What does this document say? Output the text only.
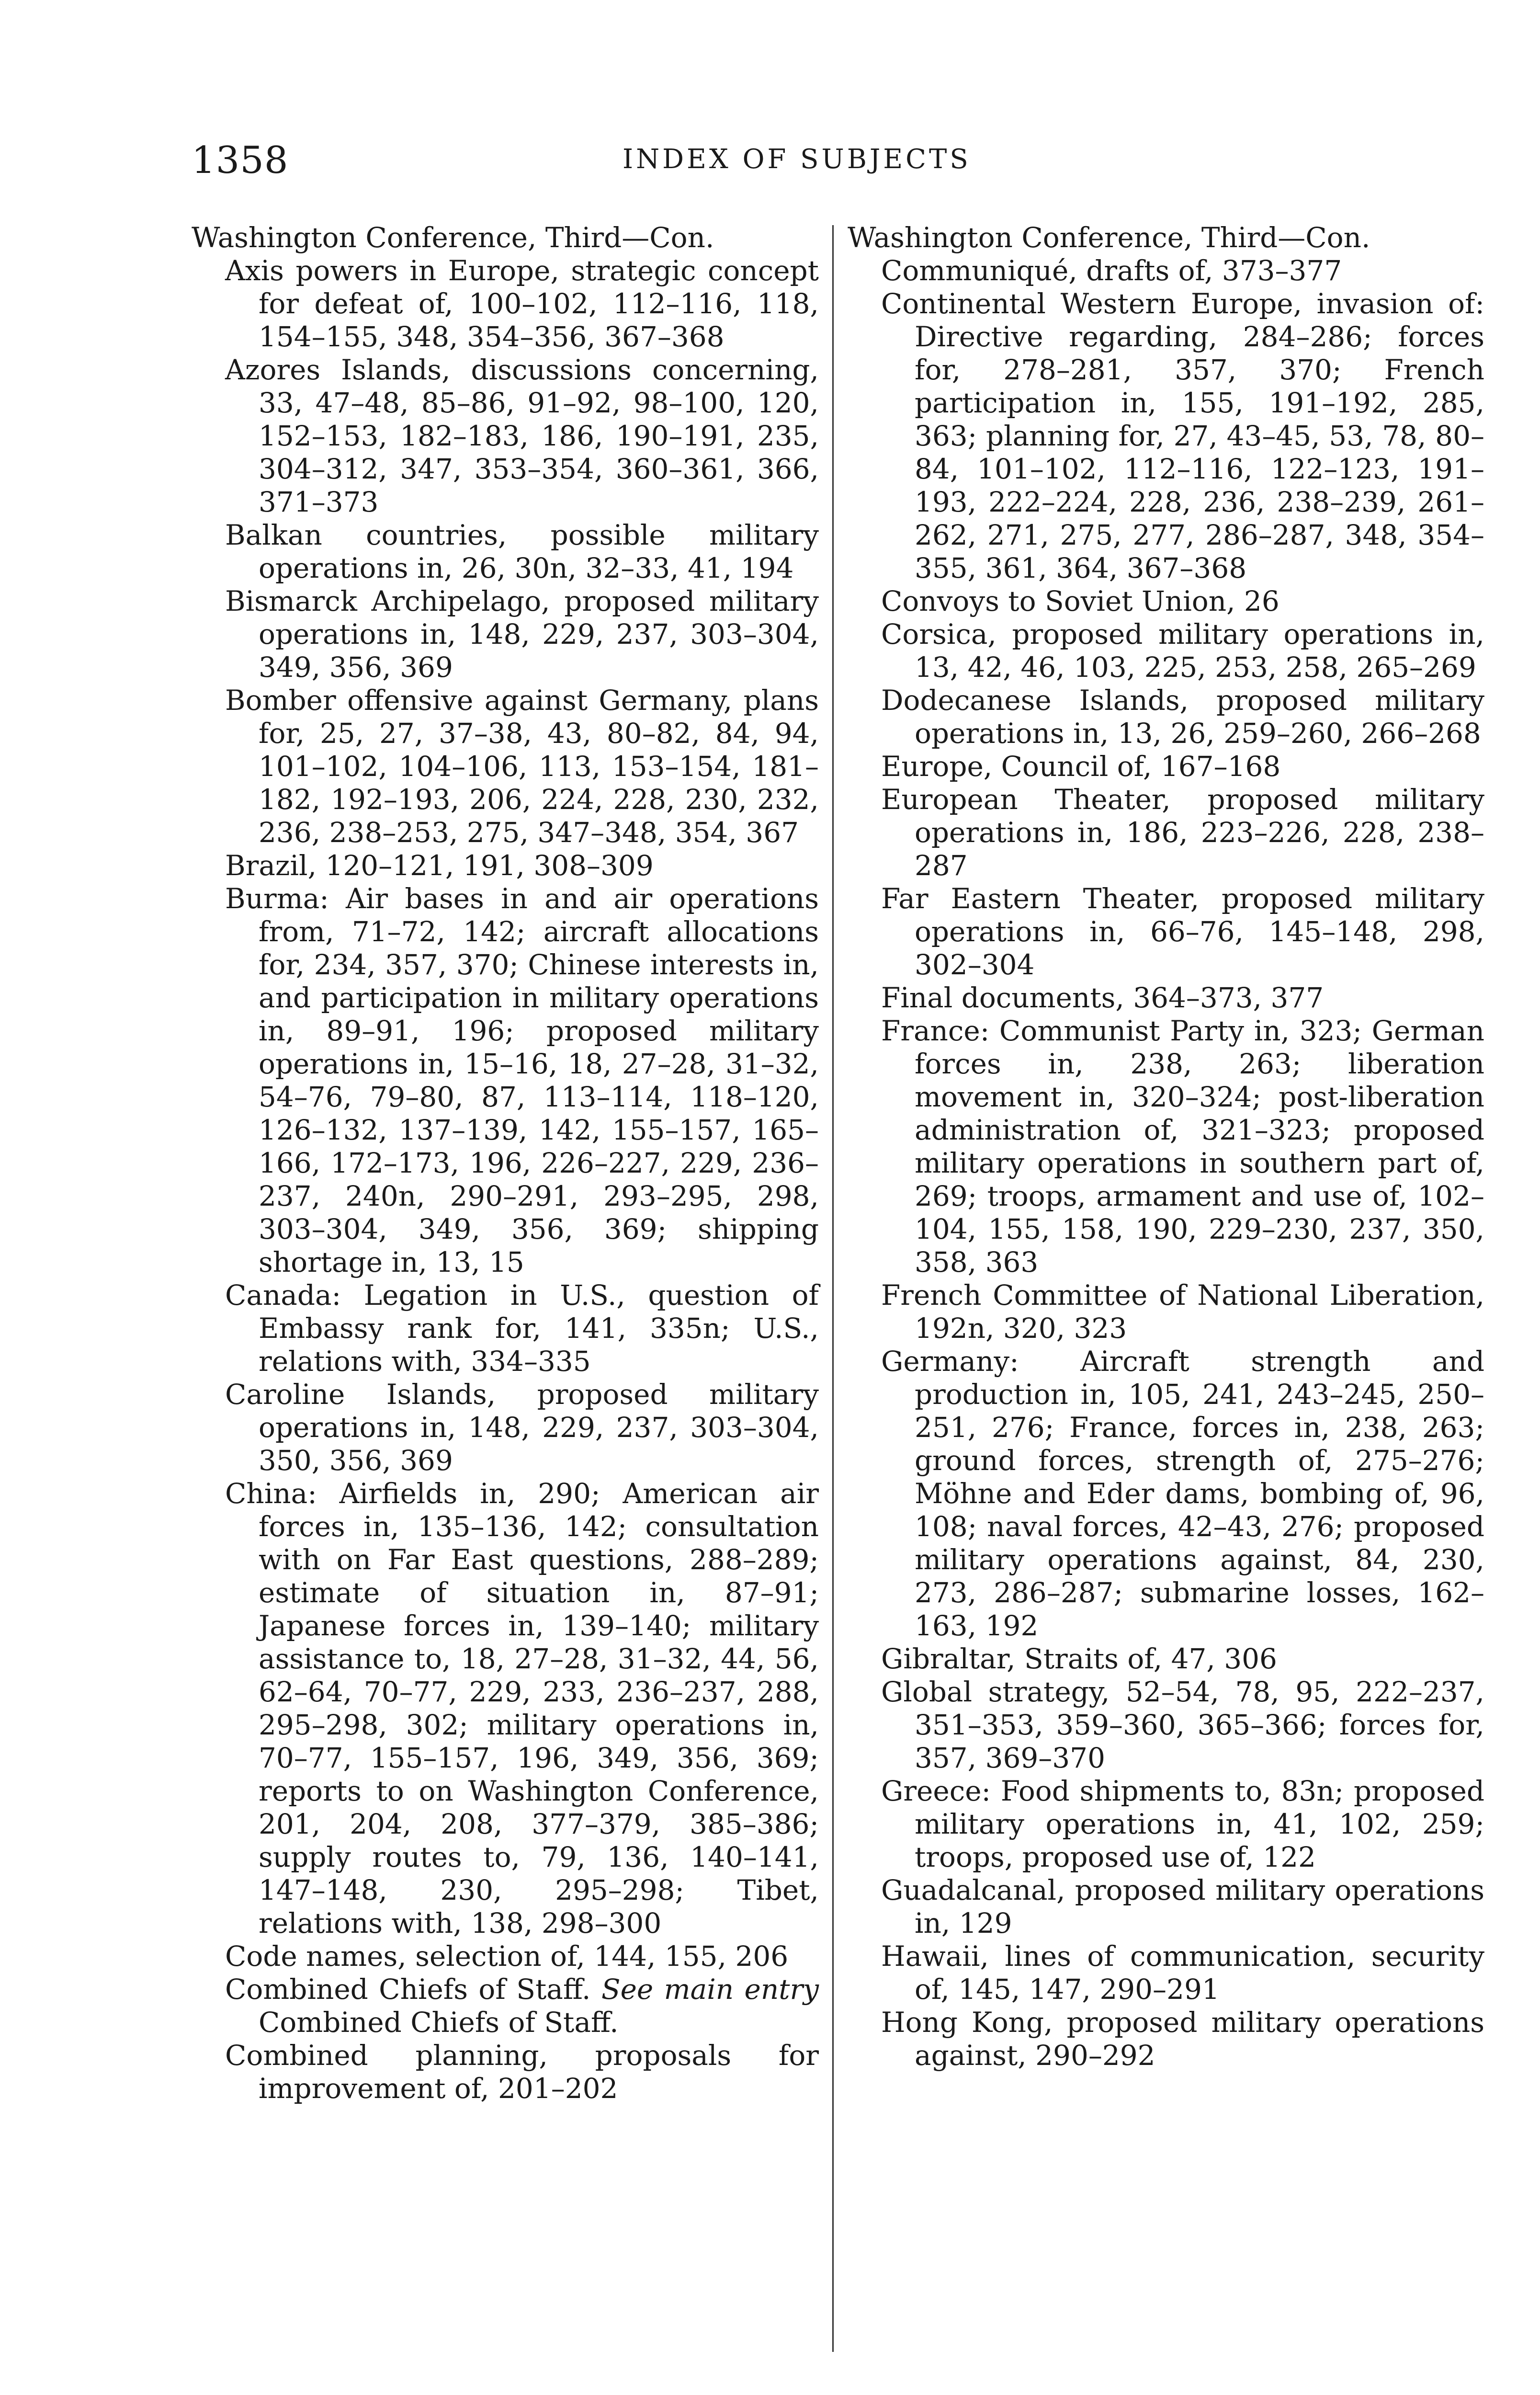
1358	INDEX OF SUBJECTS
Washington Conference, Third—Con.

Axis powers in Europe, strategic concept for defeat of, 100–102, 112–116, 118, 154–155, 348, 354–356, 367–368

Azores Islands, discussions concerning, 33, 47–48, 85–86, 91–92, 98–100, 120, 152–153, 182–183, 186, 190–191, 235, 304–312, 347, 353–354, 360–361, 366, 371–373

Balkan countries, possible military operations in, 26, 30n, 32–33, 41, 194

Bismarck Archipelago, proposed military operations in, 148, 229, 237, 303–304, 349, 356, 369

Bomber offensive against Germany, plans for, 25, 27, 37–38, 43, 80–82, 84, 94, 101–102, 104–106, 113, 153–154, 181–182, 192–193, 206, 224, 228, 230, 232, 236, 238–253, 275, 347–348, 354, 367

Brazil, 120–121, 191, 308–309

Burma: Air bases in and air operations from, 71–72, 142; aircraft allocations for, 234, 357, 370; Chinese interests in, and participation in military operations in, 89–91, 196; proposed military operations in, 15–16, 18, 27–28, 31–32, 54–76, 79–80, 87, 113–114, 118–120, 126–132, 137–139, 142, 155–157, 165–166, 172–173, 196, 226–227, 229, 236–237, 240n, 290–291, 293–295, 298, 303–304, 349, 356, 369; shipping shortage in, 13, 15

Canada: Legation in U.S., question of Embassy rank for, 141, 335n; U.S., relations with, 334–335

Caroline Islands, proposed military operations in, 148, 229, 237, 303–304, 350, 356, 369

China: Airfields in, 290; American air forces in, 135–136, 142; consultation with on Far East questions, 288–289; estimate of situation in, 87–91; Japanese forces in, 139–140; military assistance to, 18, 27–28, 31–32, 44, 56, 62–64, 70–77, 229, 233, 236–237, 288, 295–298, 302; military operations in, 70–77, 155–157, 196, 349, 356, 369; reports to on Washington Conference, 201, 204, 208, 377–379, 385–386; supply routes to, 79, 136, 140–141, 147–148, 230, 295–298; Tibet, relations with, 138, 298–300

Code names, selection of, 144, 155, 206

Combined Chiefs of Staff. See main entry Combined Chiefs of Staff.

Combined planning, proposals for improvement of, 201–202

Washington Conference, Third—Con.

Communiqué, drafts of, 373–377

Continental Western Europe, invasion of: Directive regarding, 284–286; forces for, 278–281, 357, 370; French participation in, 155, 191–192, 285, 363; planning for, 27, 43–45, 53, 78, 80–84, 101–102, 112–116, 122–123, 191–193, 222–224, 228, 236, 238–239, 261–262, 271, 275, 277, 286–287, 348, 354–355, 361, 364, 367–368

Convoys to Soviet Union, 26

Corsica, proposed military operations in, 13, 42, 46, 103, 225, 253, 258, 265–269

Dodecanese Islands, proposed military operations in, 13, 26, 259–260, 266–268

Europe, Council of, 167–168

European Theater, proposed military operations in, 186, 223–226, 228, 238–287

Far Eastern Theater, proposed military operations in, 66–76, 145–148, 298, 302–304

Final documents, 364–373, 377

France: Communist Party in, 323; German forces in, 238, 263; liberation movement in, 320–324; post-liberation administration of, 321–323; proposed military operations in southern part of, 269; troops, armament and use of, 102–104, 155, 158, 190, 229–230, 237, 350, 358, 363

French Committee of National Liberation, 192n, 320, 323

Germany: Aircraft strength and production in, 105, 241, 243–245, 250–251, 276; France, forces in, 238, 263; ground forces, strength of, 275–276; Möhne and Eder dams, bombing of, 96, 108; naval forces, 42–43, 276; proposed military operations against, 84, 230, 273, 286–287; submarine losses, 162–163, 192

Gibraltar, Straits of, 47, 306

Global strategy, 52–54, 78, 95, 222–237, 351–353, 359–360, 365–366; forces for, 357, 369–370

Greece: Food shipments to, 83n; proposed military operations in, 41, 102, 259; troops, proposed use of, 122

Guadalcanal, proposed military operations in, 129

Hawaii, lines of communication, security of, 145, 147, 290–291

Hong Kong, proposed military operations against, 290–292
